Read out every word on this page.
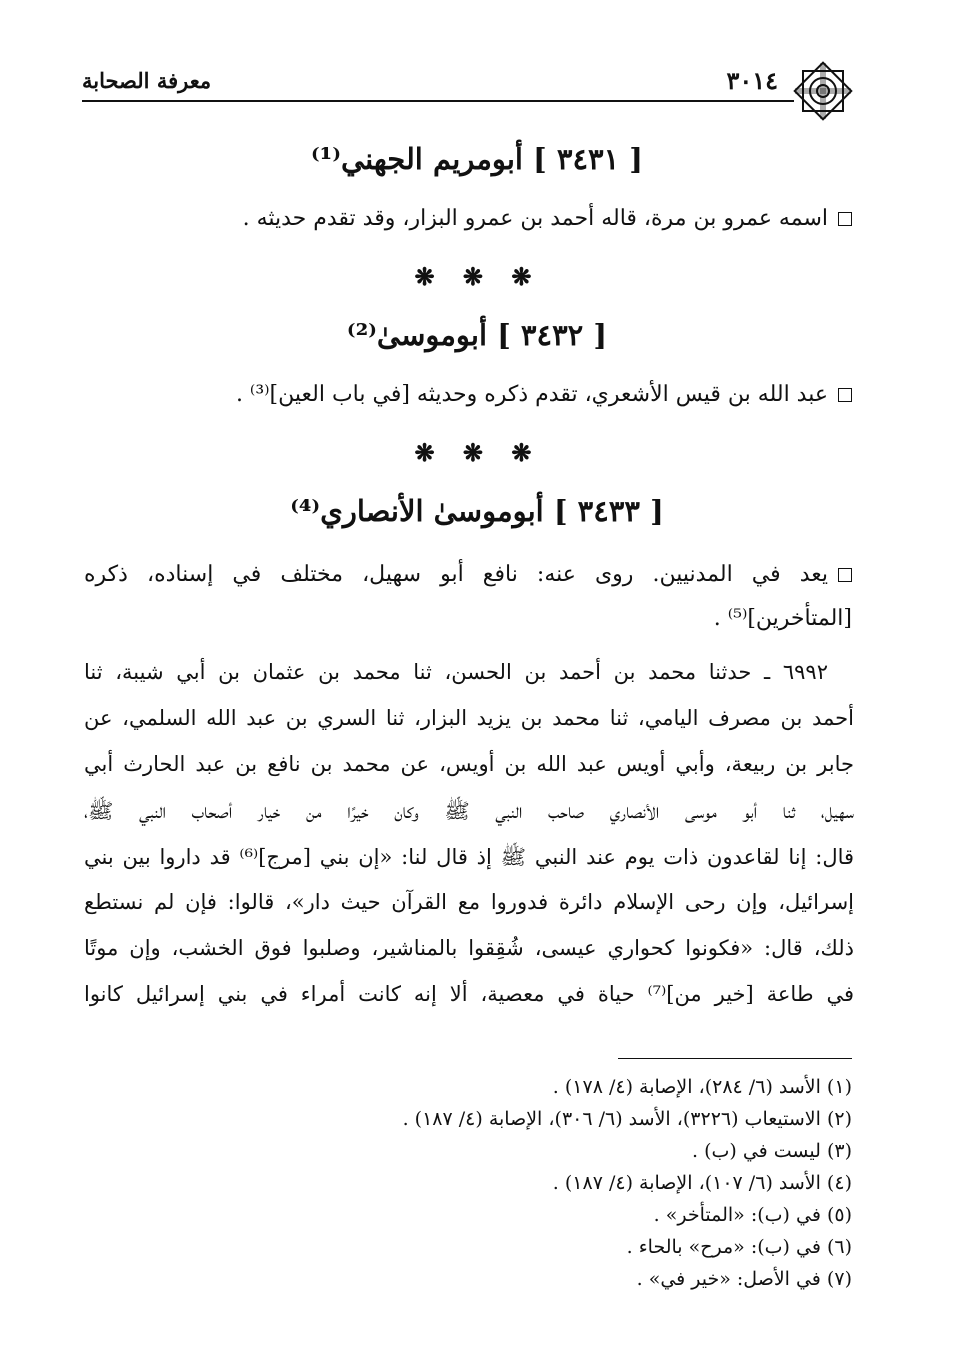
٣٠١٤
معرفة الصحابة
[ ٣٤٣١ ] أبومريم الجهني⁽¹⁾
اسمه عمرو بن مرة، قاله أحمد بن عمرو البزار، وقد تقدم حديثه .
❋ ❋ ❋
[ ٣٤٣٢ ] أبوموسىٰ⁽²⁾
عبد الله بن قيس الأشعري، تقدم ذكره وحديثه [في باب العين]⁽³⁾ .
❋ ❋ ❋
[ ٣٤٣٣ ] أبوموسىٰ الأنصاري⁽⁴⁾
يعد في المدنيين. روى عنه: نافع أبو سهيل، مختلف في إسناده، ذكره
[المتأخرين]⁽⁵⁾ .
٦٩٩٢ ـ حدثنا محمد بن أحمد بن الحسن، ثنا محمد بن عثمان بن أبي شيبة، ثنا
أحمد بن مصرف اليامي، ثنا محمد بن يزيد البزار، ثنا السري بن عبد الله السلمي، عن
جابر بن ربيعة، وأبي أويس عبد الله بن أويس، عن محمد بن نافع بن عبد الحارث أبي
سهيل، ثنا أبو موسى الأنصاري صاحب النبي ﷺ وكان خيرًا من خيار أصحاب النبي ﷺ،
قال: إنا لقاعدون ذات يوم عند النبي ﷺ إذ قال لنا: «إن بني [مرج]⁽⁶⁾ قد داروا بين بني
إسرائيل، وإن رحى الإسلام دائرة فدوروا مع القرآن حيث دار»، قالوا: فإن لم نستطع
ذلك، قال: «فكونوا كحواري عيسى، شُقِقوا بالمناشير، وصلبوا فوق الخشب، وإن موتًا
في طاعة [خير من]⁽⁷⁾ حياة في معصية، ألا إنه كانت أمراء في بني إسرائيل كانوا
(١) الأسد (٦/ ٢٨٤)، الإصابة (٤/ ١٧٨) .
(٢) الاستيعاب (٣٢٢٦)، الأسد (٦/ ٣٠٦)، الإصابة (٤/ ١٨٧) .
(٣) ليست في (ب) .
(٤) الأسد (٦/ ١٠٧)، الإصابة (٤/ ١٨٧) .
(٥) في (ب): «المتأخر» .
(٦) في (ب): «مرح» بالحاء .
(٧) في الأصل: «خير في» .
